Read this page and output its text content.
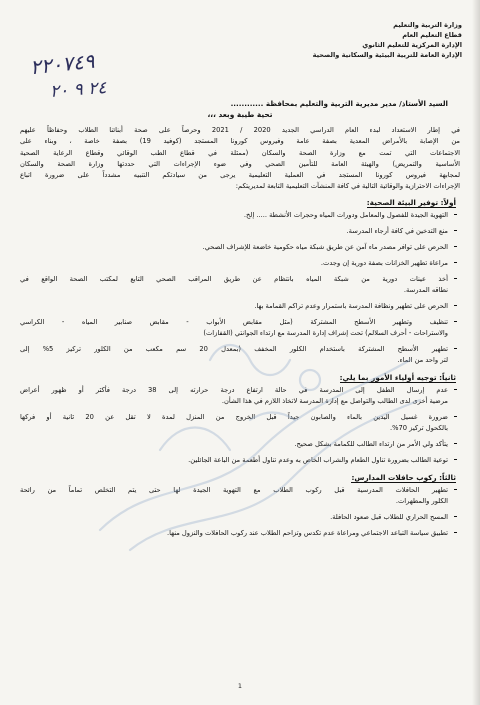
وزارة التربية والتعليم
قطاع التعليم العام
الإدارة المركزية للتعليم الثانوي
الإدارة العامة للتربية البيئية والسكانية والصحية
٢٢٠٧٤٩
٢٤ ٩ ٢٠
السيد الأستاذ/ مدير مديرية التربية والتعليم بمحافظة ............
تحية طيبة وبعد ،،،
في إطار الاستعداد لبدء العام الدراسي الجديد 2020 / 2021 وحرصاً على صحة أبنائنا الطلاب وحفاظاً عليهم
من الإصابة بالأمراض المعدية بصفة عامة وفيروس كورونا المستجد (كوفيد 19) بصفة خاصة ، وبناء على
الاجتماعات التي تمت مع وزارة الصحة والسكان (ممثلة في قطاع الطب الوقائي وقطاع الرعاية الصحية
الأساسية والتمريض) والهيئة العامة للتأمين الصحي وفي ضوء الإجراءات التي حددتها وزارة الصحة والسكان
لمجابهة فيروس كورونا المستجد في العملية التعليمية يرجى من سيادتكم التنبيه مشدداً على ضرورة اتباع
الإجراءات الاحترازية والوقائية التالية في كافة المنشآت التعليمية التابعة لمديريتكم:
أولاً: توفير البيئة الصحية:
التهوية الجيدة للفصول والمعامل ودورات المياه وحجرات الأنشطة ..... إلخ.
منع التدخين في كافة أرجاء المدرسة.
الحرص على توافر مصدر ماء آمن عن طريق شبكة مياه حكومية خاضعة للإشراف الصحي.
مراعاة تطهير الخزانات بصفة دورية إن وجدت.
أخذ عينات دورية من شبكة المياه بانتظام عن طريق المراقب الصحي التابع لمكتب الصحة الواقع في
نطاقه المدرسة.
الحرص على تطهير ونظافة المدرسة باستمرار وعدم تراكم القمامة بها.
تنظيف وتطهير الأسطح المشتركة (مثل مقابض الأبواب - مقابض صنابير المياه - الكراسي
والاستراحات - أحرف السلالم) تحت إشراف إدارة المدرسة مع ارتداء الجوانتي (القفازات)
تطهير الأسطح المشتركة باستخدام الكلور المخفف (بمعدل 20 سم مكعب من الكلور تركيز 5% إلى
لتر واحد من الماء.
ثانياً: توجيه أولياء الأمور بما يلي:
عدم إرسال الطفل إلى المدرسة في حالة ارتفاع درجة حرارته إلى 38 درجة فأكثر أو ظهور أعراض
مرضية أخرى لدى الطالب والتواصل مع إدارة المدرسة لاتخاذ اللازم في هذا الشأن.
ضرورة غسيل اليدين بالماء والصابون جيداً قبل الخروج من المنزل لمدة لا تقل عن 20 ثانية أو فركها
بالكحول تركيز 70%.
يتأكد ولي الأمر من ارتداء الطالب للكمامة بشكل صحيح.
توعية الطالب بضرورة تناول الطعام والشراب الخاص به وعدم تناول أطعمة من الباعة الجائلين.
ثالثاً: ركوب حافلات المدارس:
تطهير الحافلات المدرسية قبل ركوب الطلاب مع التهوية الجيدة لها حتى يتم التخلص تماماً من رائحة
الكلور والمطهرات.
المسح الحراري للطلاب قبل صعود الحافلة.
تطبيق سياسة التباعد الاجتماعي ومراعاة عدم تكدس وتزاحم الطلاب عند ركوب الحافلات والنزول منها.
1
